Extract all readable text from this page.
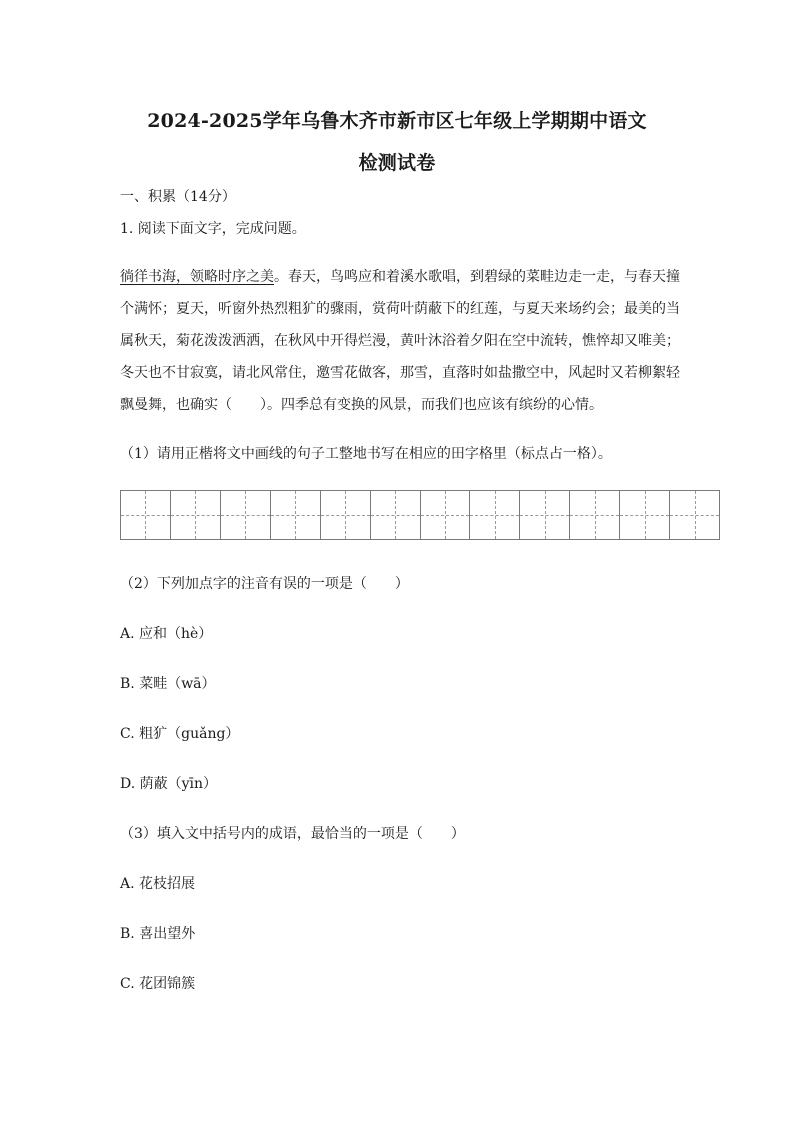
2024-2025学年乌鲁木齐市新市区七年级上学期期中语文
检测试卷
一、积累（14分）
1. 阅读下面文字，完成问题。
徜徉书海，领略时序之美。春天，鸟鸣应和着溪水歌唱，到碧绿的菜畦边走一走，与春天撞
个满怀；夏天，听窗外热烈粗犷的骤雨，赏荷叶荫蔽下的红莲，与夏天来场约会；最美的当
属秋天，菊花泼泼洒洒，在秋风中开得烂漫，黄叶沐浴着夕阳在空中流转，憔悴却又唯美；
冬天也不甘寂寞，请北风常住，邀雪花做客，那雪，直落时如盐撒空中，风起时又若柳絮轻
飘曼舞，也确实（　　）。四季总有变换的风景，而我们也应该有缤纷的心情。
（1）请用正楷将文中画线的句子工整地书写在相应的田字格里（标点占一格）。
（2）下列加点字的注音有误的一项是（　　）
A. 应和（hè）
B. 菜畦（wā）
C. 粗犷（guǎng）
D. 荫蔽（yīn）
（3）填入文中括号内的成语，最恰当的一项是（　　）
A. 花枝招展
B. 喜出望外
C. 花团锦簇
